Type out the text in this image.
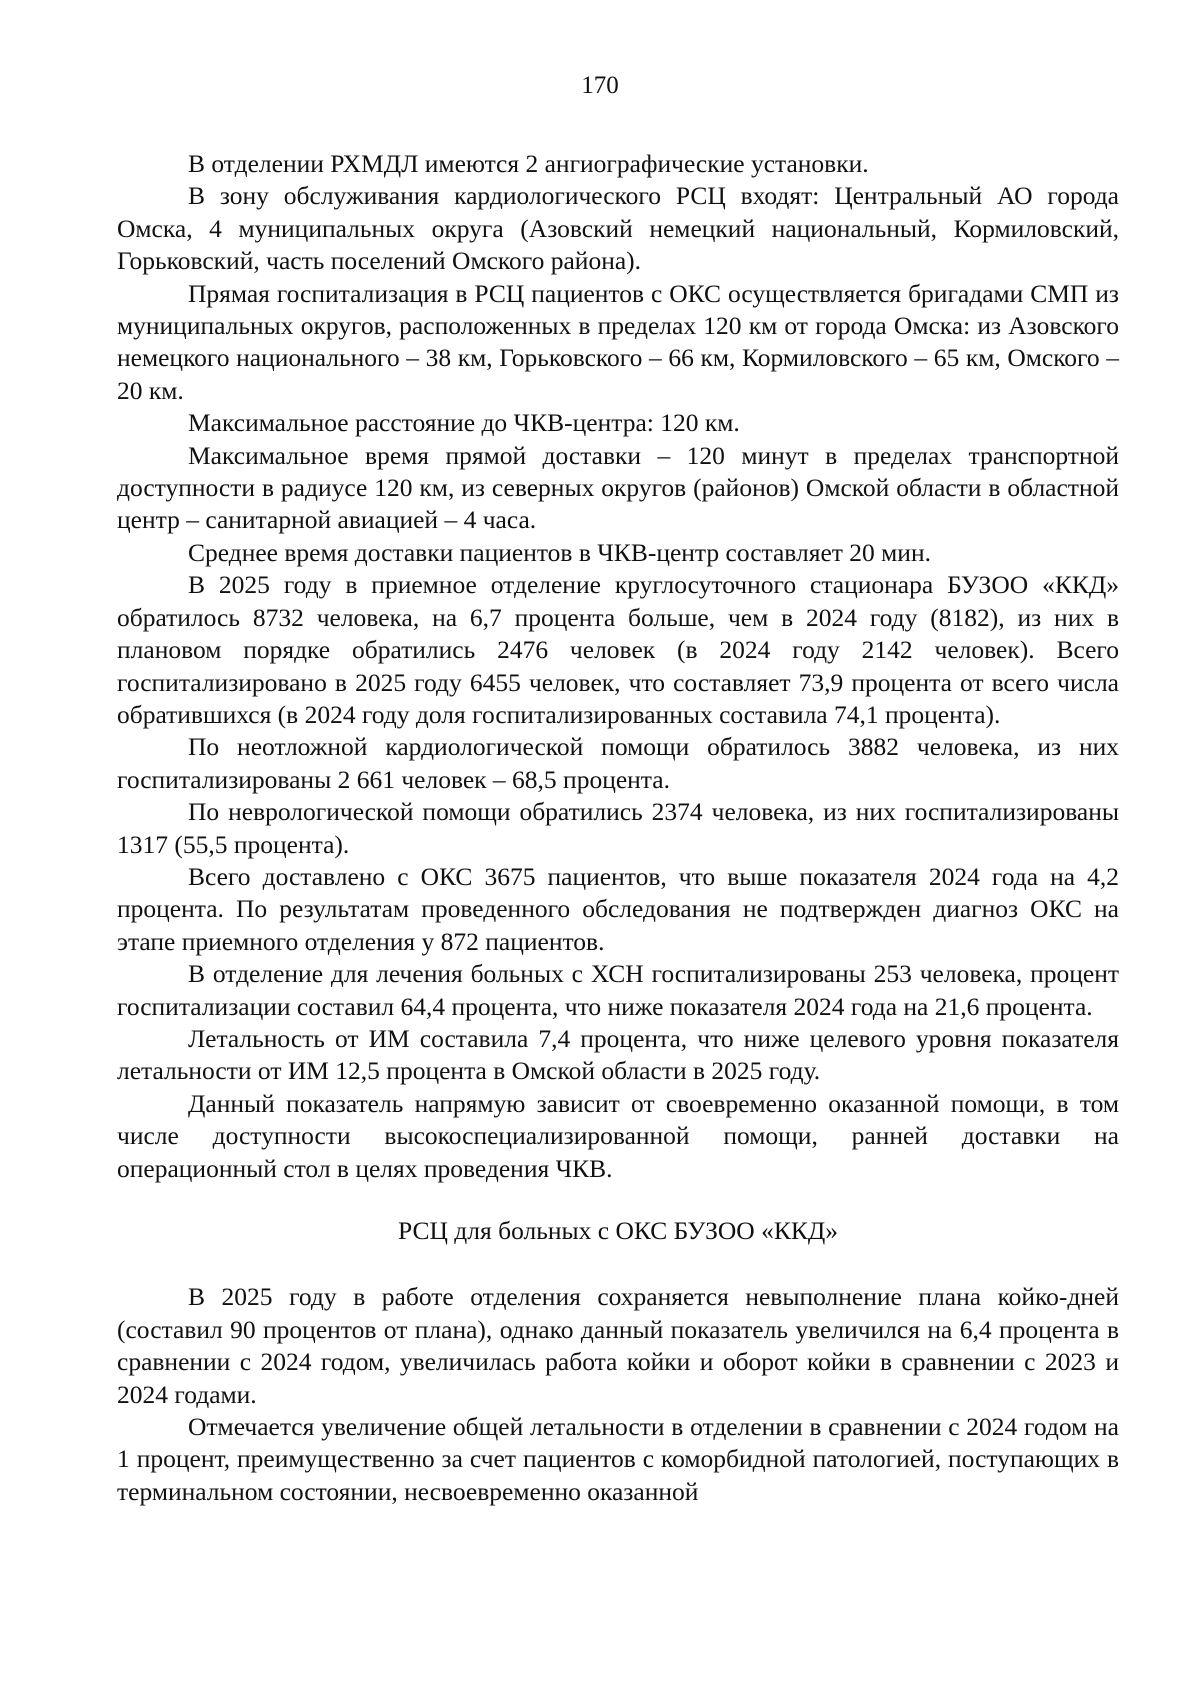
170

В отделении РХМДЛ имеются 2 ангиографические установки.

В зону обслуживания кардиологического РСЦ входят: Центральный АО города Омска, 4 муниципальных округа (Азовский немецкий национальный, Кормиловский, Горьковский, часть поселений Омского района).

Прямая госпитализация в РСЦ пациентов с ОКС осуществляется бригадами СМП из муниципальных округов, расположенных в пределах 120 км от города Омска: из Азовского немецкого национального – 38 км, Горьковского – 66 км, Кормиловского – 65 км, Омского – 20 км.

Максимальное расстояние до ЧКВ-центра: 120 км.

Максимальное время прямой доставки – 120 минут в пределах транспортной доступности в радиусе 120 км, из северных округов (районов) Омской области в областной центр – санитарной авиацией – 4 часа.

Среднее время доставки пациентов в ЧКВ-центр составляет 20 мин.

В 2025 году в приемное отделение круглосуточного стационара БУЗОО «ККД» обратилось 8732 человека, на 6,7 процента больше, чем в 2024 году (8182), из них в плановом порядке обратились 2476 человек (в 2024 году 2142 человек). Всего госпитализировано в 2025 году 6455 человек, что составляет 73,9 процента от всего числа обратившихся (в 2024 году доля госпитализированных составила 74,1 процента).

По неотложной кардиологической помощи обратилось 3882 человека, из них госпитализированы 2 661 человек – 68,5 процента.

По неврологической помощи обратились 2374 человека, из них госпитализированы 1317 (55,5 процента).

Всего доставлено с ОКС 3675 пациентов, что выше показателя 2024 года на 4,2 процента. По результатам проведенного обследования не подтвержден диагноз ОКС на этапе приемного отделения у 872 пациентов.

В отделение для лечения больных с ХСН госпитализированы 253 человека, процент госпитализации составил 64,4 процента, что ниже показателя 2024 года на 21,6 процента.

Летальность от ИМ составила 7,4 процента, что ниже целевого уровня показателя летальности от ИМ 12,5 процента в Омской области в 2025 году.

Данный показатель напрямую зависит от своевременно оказанной помощи, в том числе доступности высокоспециализированной помощи, ранней доставки на операционный стол в целях проведения ЧКВ.

РСЦ для больных с ОКС БУЗОО «ККД»

В 2025 году в работе отделения сохраняется невыполнение плана койко-дней (составил 90 процентов от плана), однако данный показатель увеличился на 6,4 процента в сравнении с 2024 годом, увеличилась работа койки и оборот койки в сравнении с 2023 и 2024 годами.

Отмечается увеличение общей летальности в отделении в сравнении с 2024 годом на 1 процент, преимущественно за счет пациентов с коморбидной патологией, поступающих в терминальном состоянии, несвоевременно оказанной
